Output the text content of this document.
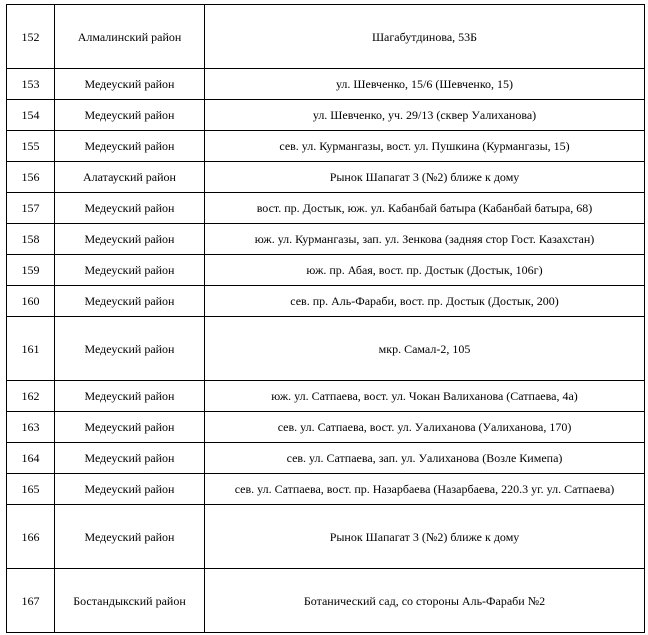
152	Алмалинский район	Шагабутдинова, 53Б
153	Медеуский район	ул. Шевченко, 15/6 (Шевченко, 15)
154	Медеуский район	ул. Шевченко, уч. 29/13 (сквер Уалиханова)
155	Медеуский район	сев. ул. Курмангазы, вост. ул. Пушкина (Курмангазы, 15)
156	Алатауский район	Рынок Шапагат 3 (№2) ближе к дому
157	Медеуский район	вост. пр. Достык, юж. ул. Кабанбай батыра (Кабанбай батыра, 68)
158	Медеуский район	юж. ул. Курмангазы, зап. ул. Зенкова (задняя стор Гост. Казахстан)
159	Медеуский район	юж. пр. Абая, вост. пр. Достык (Достык, 106г)
160	Медеуский район	сев. пр. Аль-Фараби, вост. пр. Достык (Достык, 200)
161	Медеуский район	мкр. Самал-2, 105
162	Медеуский район	юж. ул. Сатпаева, вост. ул. Чокан Валиханова (Сатпаева, 4а)
163	Медеуский район	сев. ул. Сатпаева, вост. ул. Уалиханова (Уалиханова, 170)
164	Медеуский район	сев. ул. Сатпаева, зап. ул. Уалиханова (Возле Кимепа)
165	Медеуский район	сев. ул. Сатпаева, вост. пр. Назарбаева (Назарбаева, 220.3 уг. ул. Сатпаева)
166	Медеуский район	Рынок Шапагат 3 (№2) ближе к дому
167	Бостандыкский район	Ботанический сад, со стороны Аль-Фараби №2
